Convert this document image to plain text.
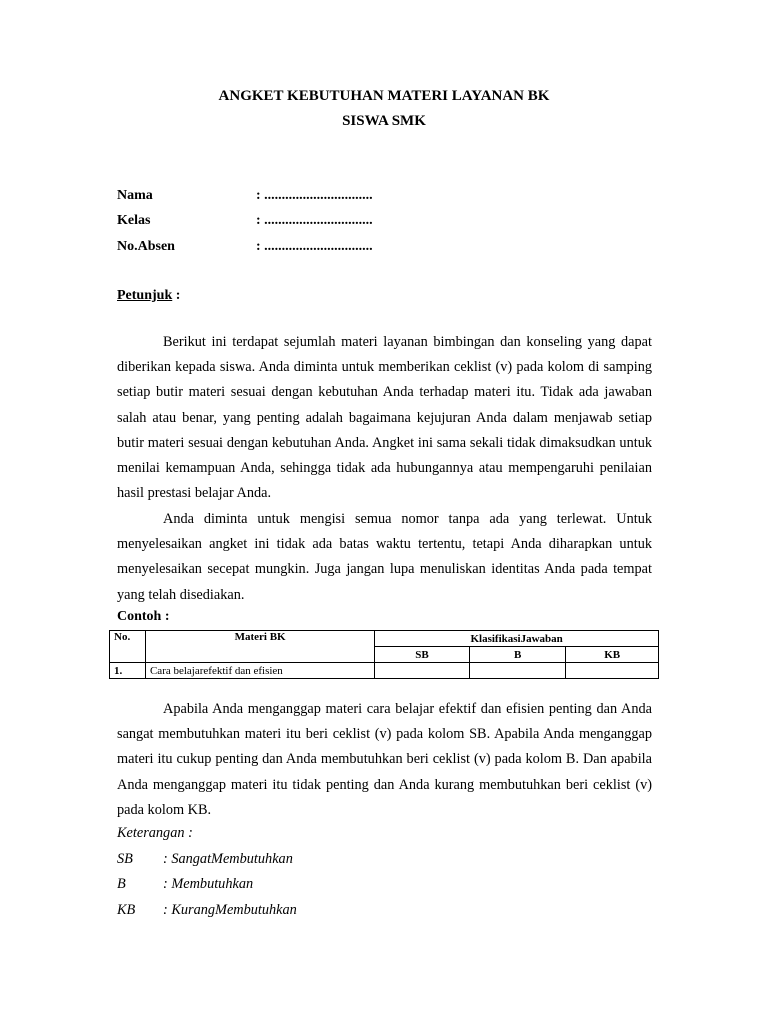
ANGKET KEBUTUHAN MATERI LAYANAN BK
SISWA SMK
Nama	: ...............................
Kelas	: ...............................
No.Absen	: ...............................
Petunjuk :
Berikut ini terdapat sejumlah materi layanan bimbingan dan konseling yang dapat diberikan kepada siswa. Anda diminta untuk memberikan ceklist (v) pada kolom di samping setiap butir materi sesuai dengan kebutuhan Anda terhadap materi itu. Tidak ada jawaban salah atau benar, yang penting adalah bagaimana kejujuran Anda dalam menjawab setiap butir materi sesuai dengan kebutuhan Anda. Angket ini sama sekali tidak dimaksudkan untuk menilai kemampuan Anda, sehingga tidak ada hubungannya atau mempengaruhi penilaian hasil prestasi belajar Anda.
Anda diminta untuk mengisi semua nomor tanpa ada yang terlewat. Untuk menyelesaikan angket ini tidak ada batas waktu tertentu, tetapi Anda diharapkan untuk menyelesaikan secepat mungkin. Juga jangan lupa menuliskan identitas Anda pada tempat yang telah disediakan.
Contoh :
No.	Materi BK	KlasifikasiJawaban		
		SB	B	KB
1.	Cara belajarefektif dan efisien			
Apabila Anda menganggap materi cara belajar efektif dan efisien penting dan Anda sangat membutuhkan materi itu beri ceklist (v) pada kolom SB. Apabila Anda menganggap materi itu cukup penting dan Anda membutuhkan beri ceklist (v) pada kolom B. Dan apabila Anda menganggap materi itu tidak penting dan Anda kurang membutuhkan beri ceklist (v) pada kolom KB.
Keterangan :
SB : SangatMembutuhkan
B	: Membutuhkan
KB : KurangMembutuhkan
